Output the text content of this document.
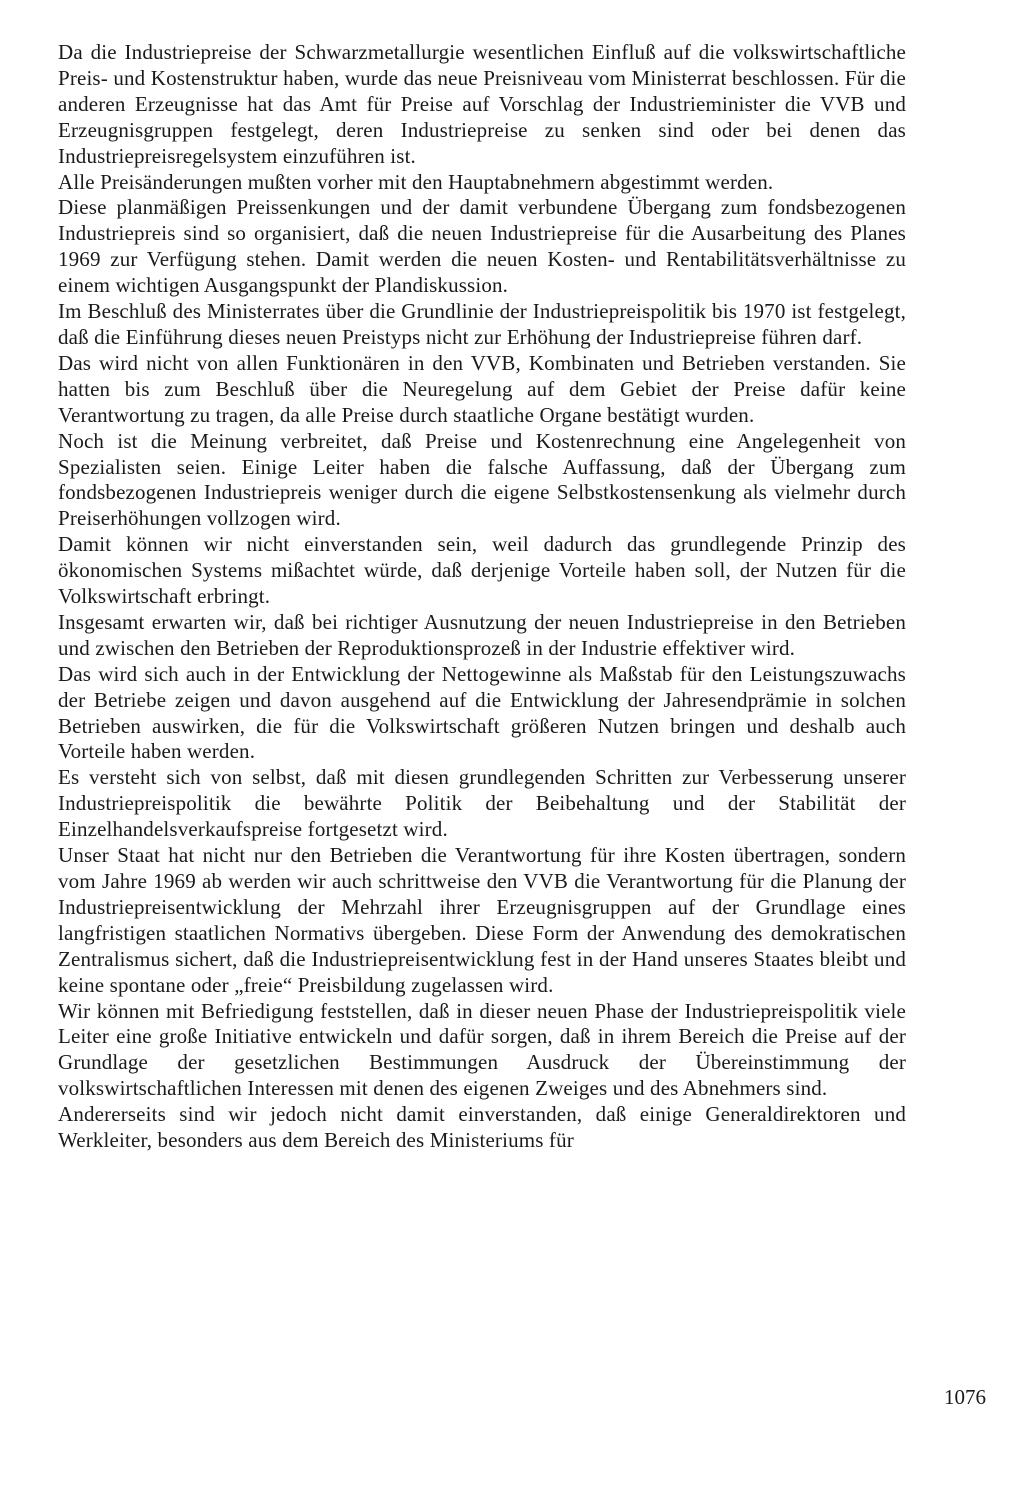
Da die Industriepreise der Schwarzmetallurgie wesentlichen Einfluß auf die volkswirtschaftliche Preis- und Kostenstruktur haben, wurde das neue Preisniveau vom Ministerrat beschlossen. Für die anderen Erzeugnisse hat das Amt für Preise auf Vorschlag der Industrieminister die VVB und Erzeugnisgruppen festgelegt, deren Industriepreise zu senken sind oder bei denen das Industriepreisregelsystem einzuführen ist.

Alle Preisänderungen mußten vorher mit den Hauptabnehmern abgestimmt werden.

Diese planmäßigen Preissenkungen und der damit verbundene Übergang zum fondsbezogenen Industriepreis sind so organisiert, daß die neuen Industriepreise für die Ausarbeitung des Planes 1969 zur Verfügung stehen. Damit werden die neuen Kosten- und Rentabilitätsverhältnisse zu einem wichtigen Ausgangspunkt der Plandiskussion.

Im Beschluß des Ministerrates über die Grundlinie der Industriepreispolitik bis 1970 ist festgelegt, daß die Einführung dieses neuen Preistyps nicht zur Erhöhung der Industriepreise führen darf.

Das wird nicht von allen Funktionären in den VVB, Kombinaten und Betrieben verstanden. Sie hatten bis zum Beschluß über die Neuregelung auf dem Gebiet der Preise dafür keine Verantwortung zu tragen, da alle Preise durch staatliche Organe bestätigt wurden.

Noch ist die Meinung verbreitet, daß Preise und Kostenrechnung eine Angelegenheit von Spezialisten seien. Einige Leiter haben die falsche Auffassung, daß der Übergang zum fondsbezogenen Industriepreis weniger durch die eigene Selbstkostensenkung als vielmehr durch Preiserhöhungen vollzogen wird.

Damit können wir nicht einverstanden sein, weil dadurch das grundlegende Prinzip des ökonomischen Systems mißachtet würde, daß derjenige Vorteile haben soll, der Nutzen für die Volkswirtschaft erbringt.

Insgesamt erwarten wir, daß bei richtiger Ausnutzung der neuen Industriepreise in den Betrieben und zwischen den Betrieben der Reproduktionsprozeß in der Industrie effektiver wird.

Das wird sich auch in der Entwicklung der Nettogewinne als Maßstab für den Leistungszuwachs der Betriebe zeigen und davon ausgehend auf die Entwicklung der Jahresendprämie in solchen Betrieben auswirken, die für die Volkswirtschaft größeren Nutzen bringen und deshalb auch Vorteile haben werden.

Es versteht sich von selbst, daß mit diesen grundlegenden Schritten zur Verbesserung unserer Industriepreispolitik die bewährte Politik der Beibehaltung und der Stabilität der Einzelhandelsverkaufspreise fortgesetzt wird.

Unser Staat hat nicht nur den Betrieben die Verantwortung für ihre Kosten übertragen, sondern vom Jahre 1969 ab werden wir auch schrittweise den VVB die Verantwortung für die Planung der Industriepreisentwicklung der Mehrzahl ihrer Erzeugnisgruppen auf der Grundlage eines langfristigen staatlichen Normativs übergeben. Diese Form der Anwendung des demokratischen Zentralismus sichert, daß die Industriepreisentwicklung fest in der Hand unseres Staates bleibt und keine spontane oder „freie“ Preisbildung zugelassen wird.

Wir können mit Befriedigung feststellen, daß in dieser neuen Phase der Industriepreispolitik viele Leiter eine große Initiative entwickeln und dafür sorgen, daß in ihrem Bereich die Preise auf der Grundlage der gesetzlichen Bestimmungen Ausdruck der Übereinstimmung der volkswirtschaftlichen Interessen mit denen des eigenen Zweiges und des Abnehmers sind.

Andererseits sind wir jedoch nicht damit einverstanden, daß einige Generaldirektoren und Werkleiter, besonders aus dem Bereich des Ministeriums für

1076
